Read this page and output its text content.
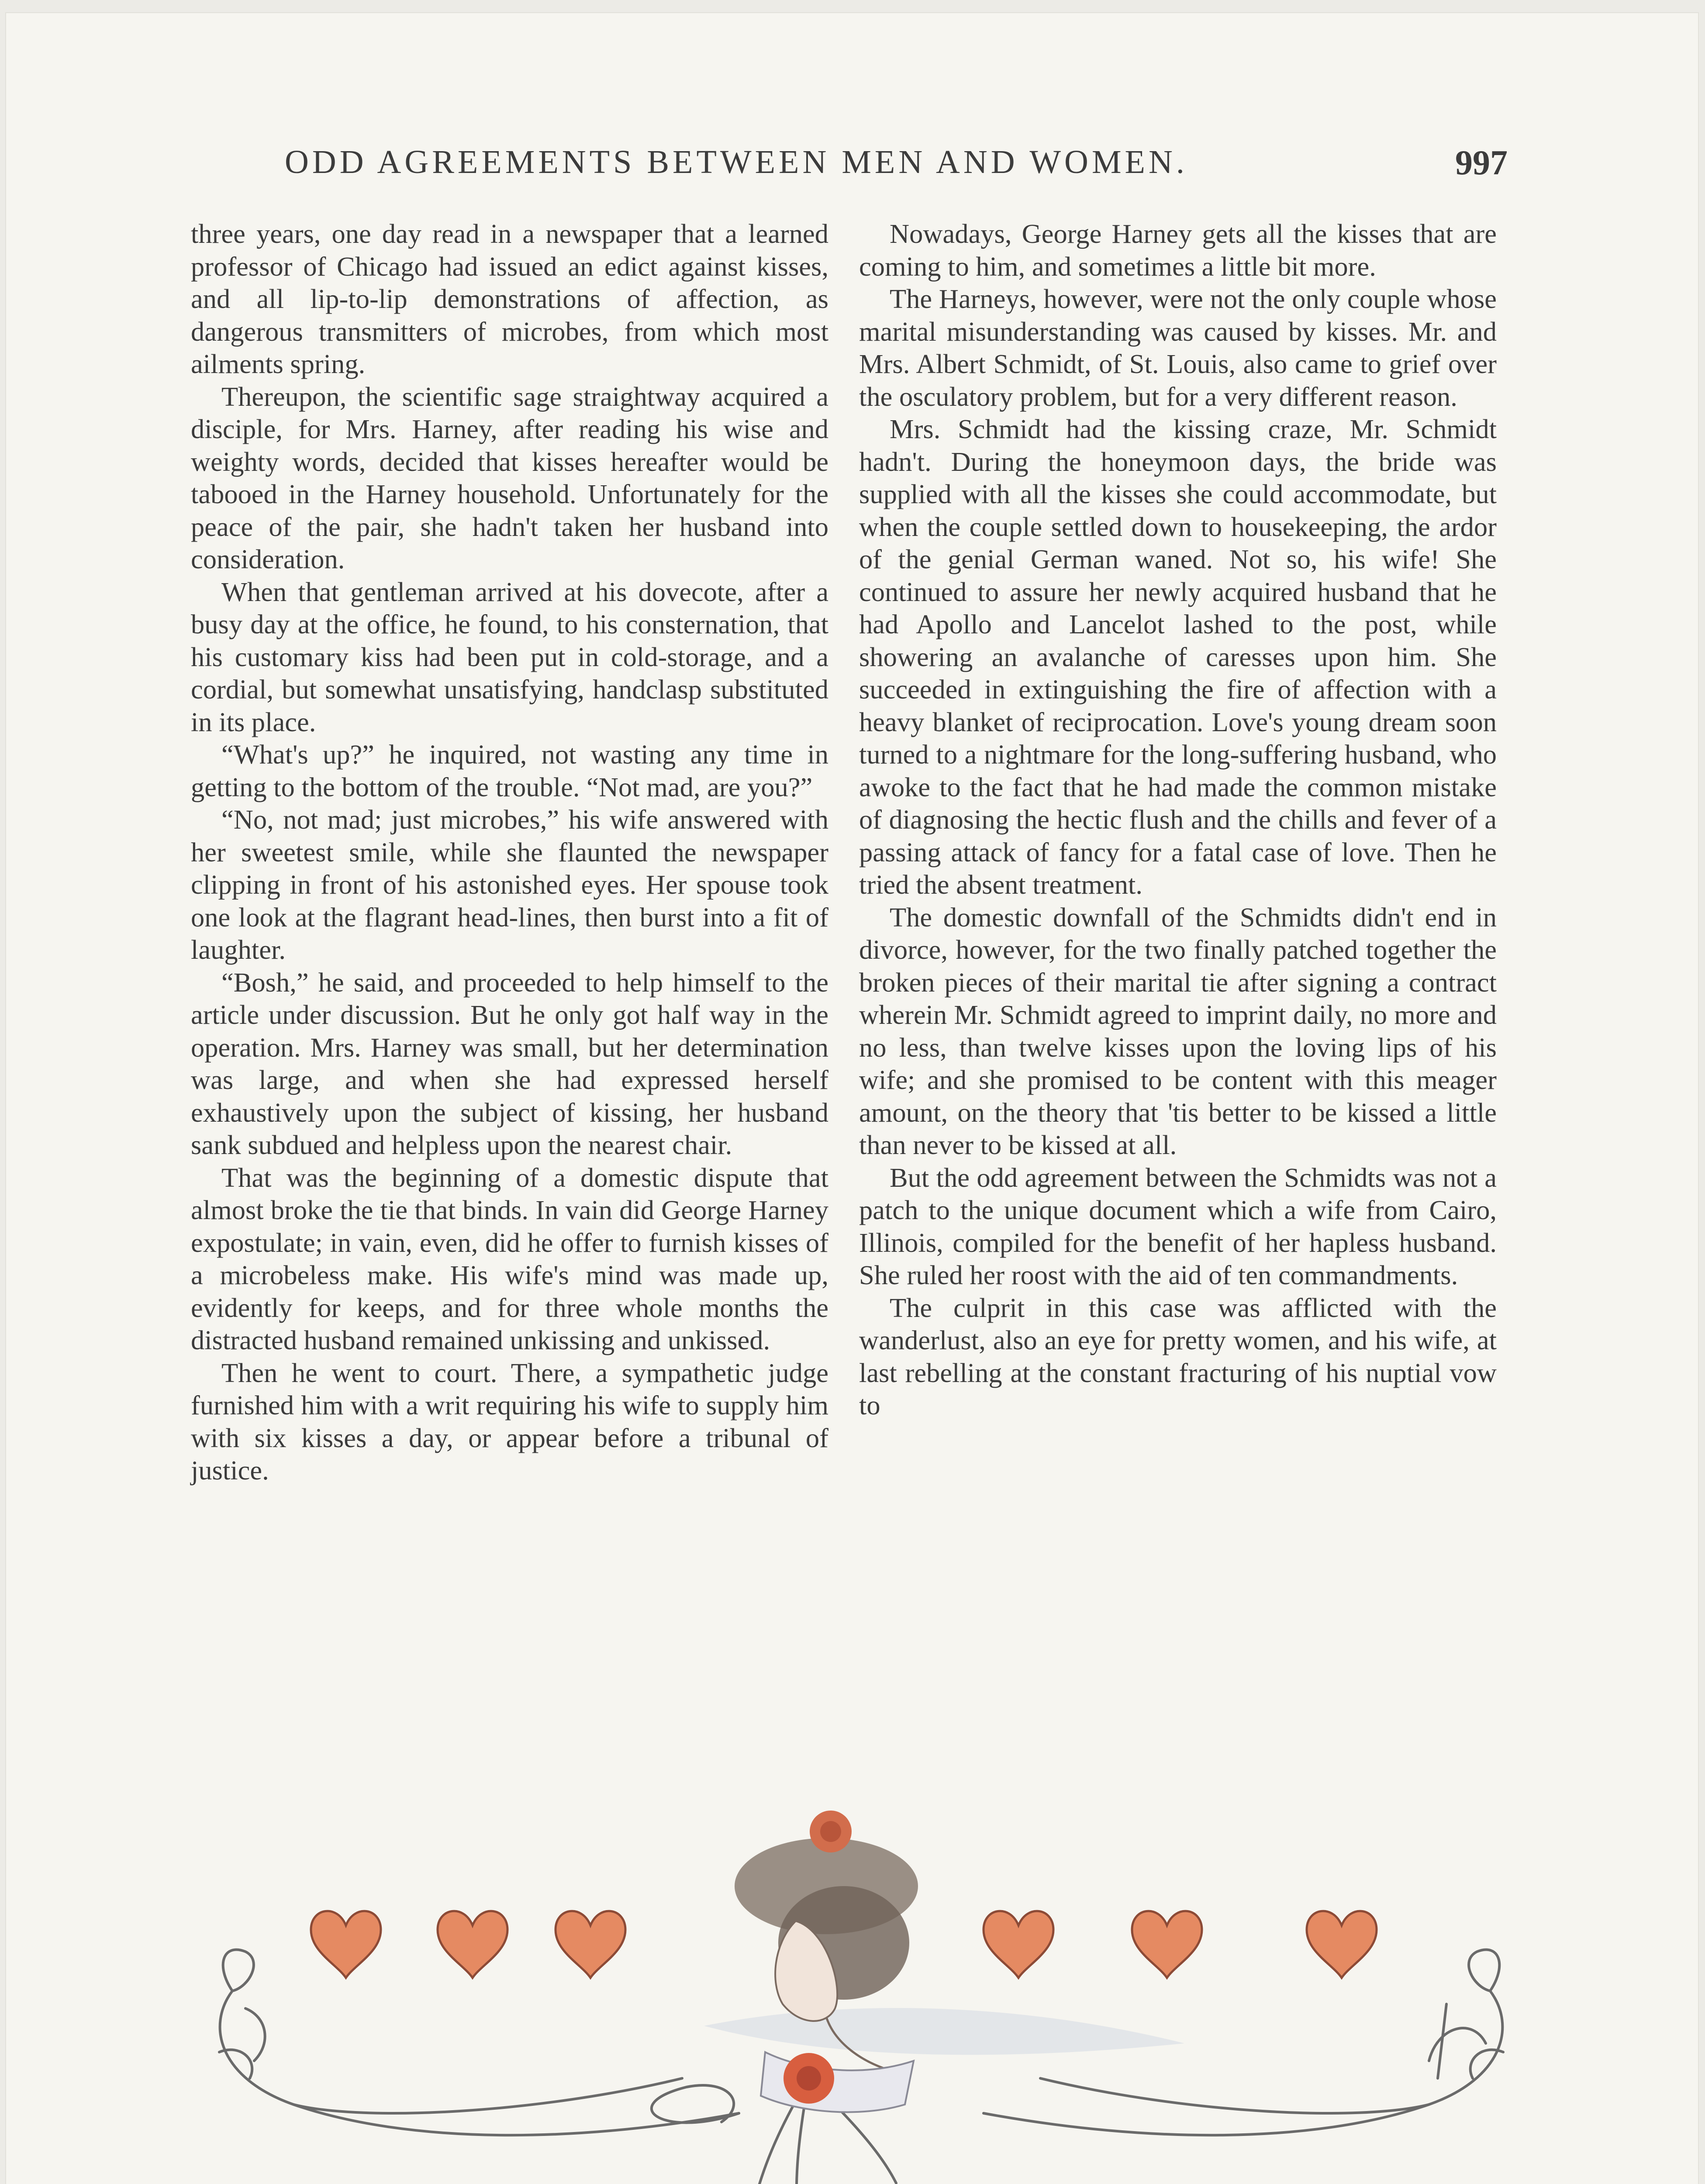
ODD AGREEMENTS BETWEEN MEN AND WOMEN.	997

three years, one day read in a newspaper that a learned professor of Chicago had issued an edict against kisses, and all lip-to-lip demonstrations of affection, as dangerous transmitters of microbes, from which most ailments spring.

Thereupon, the scientific sage straightway acquired a disciple, for Mrs. Harney, after reading his wise and weighty words, decided that kisses hereafter would be tabooed in the Harney household. Unfortunately for the peace of the pair, she hadn't taken her husband into consideration.

When that gentleman arrived at his dovecote, after a busy day at the office, he found, to his consternation, that his customary kiss had been put in cold-storage, and a cordial, but somewhat unsatisfying, handclasp substituted in its place.

“What's up?” he inquired, not wasting any time in getting to the bottom of the trouble. “Not mad, are you?”

“No, not mad; just microbes,” his wife answered with her sweetest smile, while she flaunted the newspaper clipping in front of his astonished eyes. Her spouse took one look at the flagrant head-lines, then burst into a fit of laughter.

“Bosh,” he said, and proceeded to help himself to the article under discussion. But he only got half way in the operation. Mrs. Harney was small, but her determination was large, and when she had expressed herself exhaustively upon the subject of kissing, her husband sank subdued and helpless upon the nearest chair.

That was the beginning of a domestic dispute that almost broke the tie that binds. In vain did George Harney expostulate; in vain, even, did he offer to furnish kisses of a microbeless make. His wife's mind was made up, evidently for keeps, and for three whole months the distracted husband remained unkissing and unkissed.

Then he went to court. There, a sympathetic judge furnished him with a writ requiring his wife to supply him with six kisses a day, or appear before a tribunal of justice.

Nowadays, George Harney gets all the kisses that are coming to him, and sometimes a little bit more.

The Harneys, however, were not the only couple whose marital misunderstanding was caused by kisses. Mr. and Mrs. Albert Schmidt, of St. Louis, also came to grief over the osculatory problem, but for a very different reason.

Mrs. Schmidt had the kissing craze, Mr. Schmidt hadn't. During the honeymoon days, the bride was supplied with all the kisses she could accommodate, but when the couple settled down to housekeeping, the ardor of the genial German waned. Not so, his wife! She continued to assure her newly acquired husband that he had Apollo and Lancelot lashed to the post, while showering an avalanche of caresses upon him. She succeeded in extinguishing the fire of affection with a heavy blanket of reciprocation. Love's young dream soon turned to a nightmare for the long-suffering husband, who awoke to the fact that he had made the common mistake of diagnosing the hectic flush and the chills and fever of a passing attack of fancy for a fatal case of love. Then he tried the absent treatment.

The domestic downfall of the Schmidts didn't end in divorce, however, for the two finally patched together the broken pieces of their marital tie after signing a contract wherein Mr. Schmidt agreed to imprint daily, no more and no less, than twelve kisses upon the loving lips of his wife; and she promised to be content with this meager amount, on the theory that 'tis better to be kissed a little than never to be kissed at all.

But the odd agreement between the Schmidts was not a patch to the unique document which a wife from Cairo, Illinois, compiled for the benefit of her hapless husband. She ruled her roost with the aid of ten commandments.

The culprit in this case was afflicted with the wanderlust, also an eye for pretty women, and his wife, at last rebelling at the constant fracturing of his nuptial vow to
